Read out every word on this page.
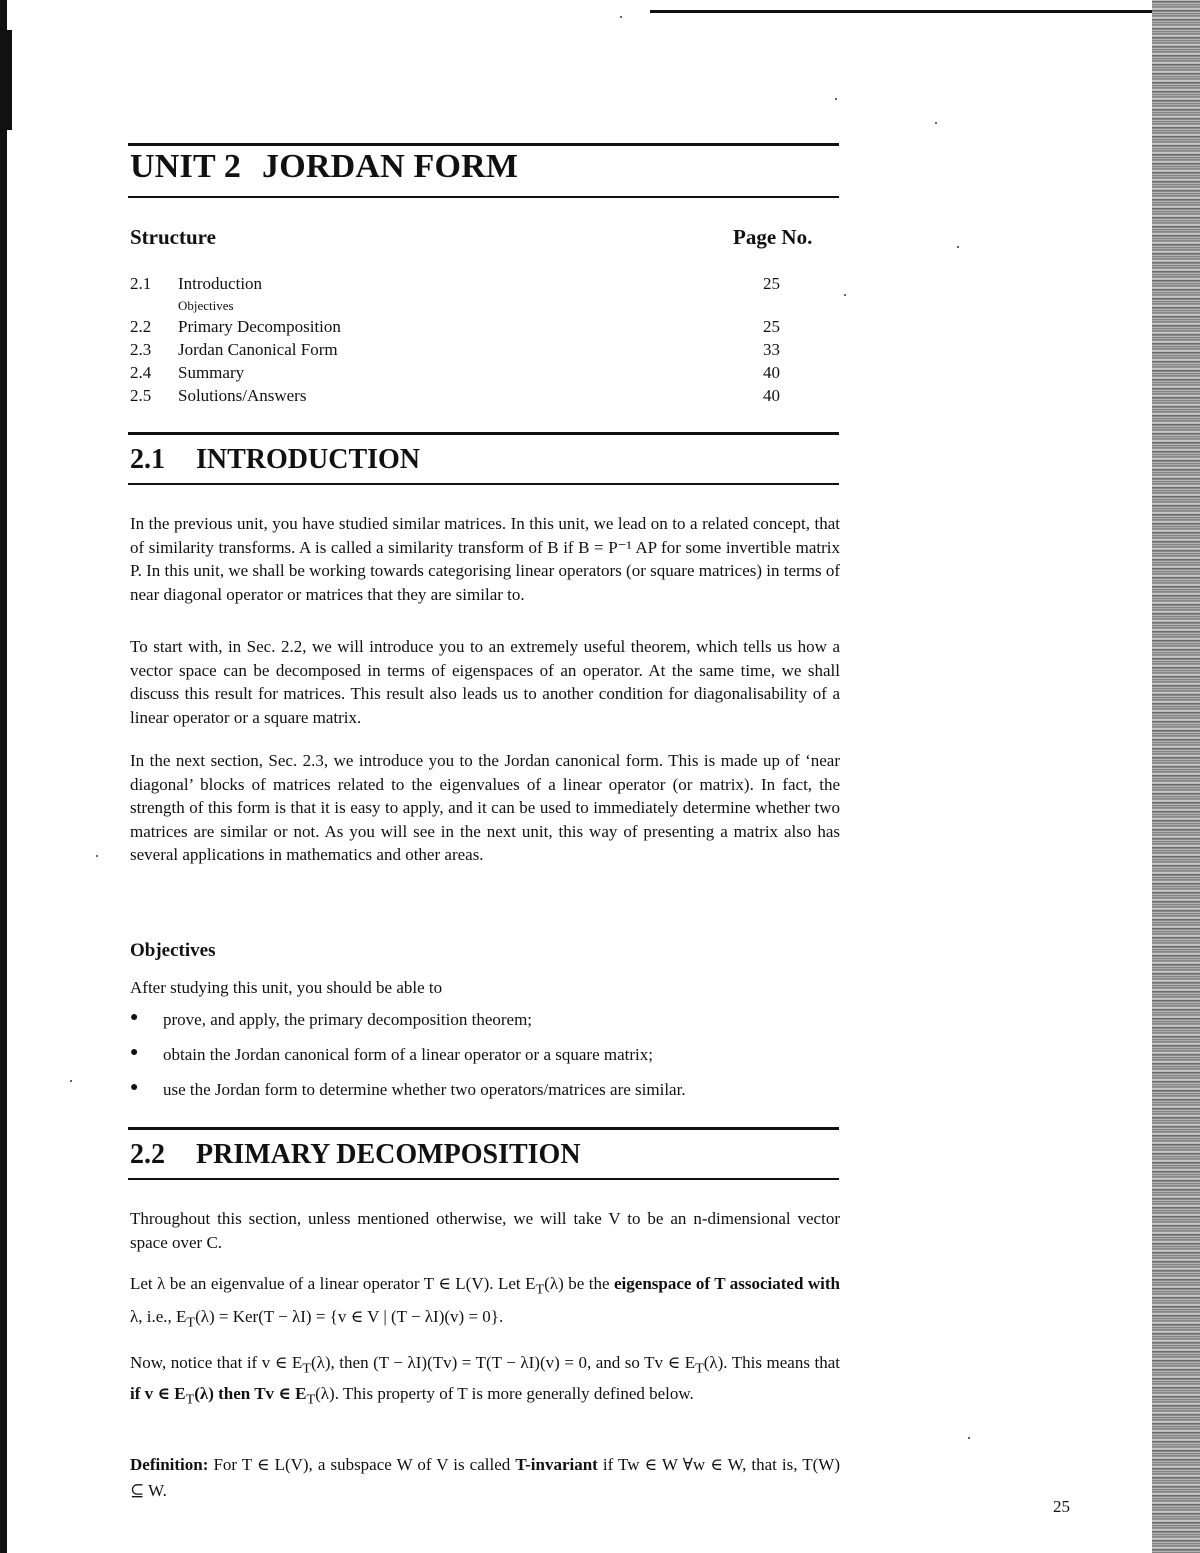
UNIT 2 JORDAN FORM
Structure	Page No.
2.1 Introduction	25
Objectives
2.2 Primary Decomposition	25
2.3 Jordan Canonical Form	33
2.4 Summary	40
2.5 Solutions/Answers	40
2.1 INTRODUCTION
In the previous unit, you have studied similar matrices. In this unit, we lead on to a related concept, that of similarity transforms. A is called a similarity transform of B if B = P⁻¹ AP for some invertible matrix P. In this unit, we shall be working towards categorising linear operators (or square matrices) in terms of near diagonal operator or matrices that they are similar to.
To start with, in Sec. 2.2, we will introduce you to an extremely useful theorem, which tells us how a vector space can be decomposed in terms of eigenspaces of an operator. At the same time, we shall discuss this result for matrices. This result also leads us to another condition for diagonalisability of a linear operator or a square matrix.
In the next section, Sec. 2.3, we introduce you to the Jordan canonical form. This is made up of ‘near diagonal’ blocks of matrices related to the eigenvalues of a linear operator (or matrix). In fact, the strength of this form is that it is easy to apply, and it can be used to immediately determine whether two matrices are similar or not. As you will see in the next unit, this way of presenting a matrix also has several applications in mathematics and other areas.
Objectives
After studying this unit, you should be able to
● prove, and apply, the primary decomposition theorem;
● obtain the Jordan canonical form of a linear operator or a square matrix;
● use the Jordan form to determine whether two operators/matrices are similar.
2.2 PRIMARY DECOMPOSITION
Throughout this section, unless mentioned otherwise, we will take V to be an n-dimensional vector space over C.
Let λ be an eigenvalue of a linear operator T ∈ L(V). Let $E_T(\lambda)$ be the eigenspace of T associated with λ, i.e., $E_T(\lambda) = Ker(T - \lambda I) = \{v$ ∈ V | (T − λI)(v) = 0}.
Now, notice that if v ∈ $E_T(\lambda)$, then (T − λI)(Tv) = T(T − λI)(v) = 0, and so Tv ∈ $E_T(\lambda)$. This means that if v ∈ $E_T(\lambda)$ then Tv ∈ $E_T(\lambda)$. This property of T is more generally defined below.
Definition: For T ∈ L(V), a subspace W of V is called T-invariant if Tw ∈ W ∀w ∈ W, that is, T(W) ⊆ W.
25
